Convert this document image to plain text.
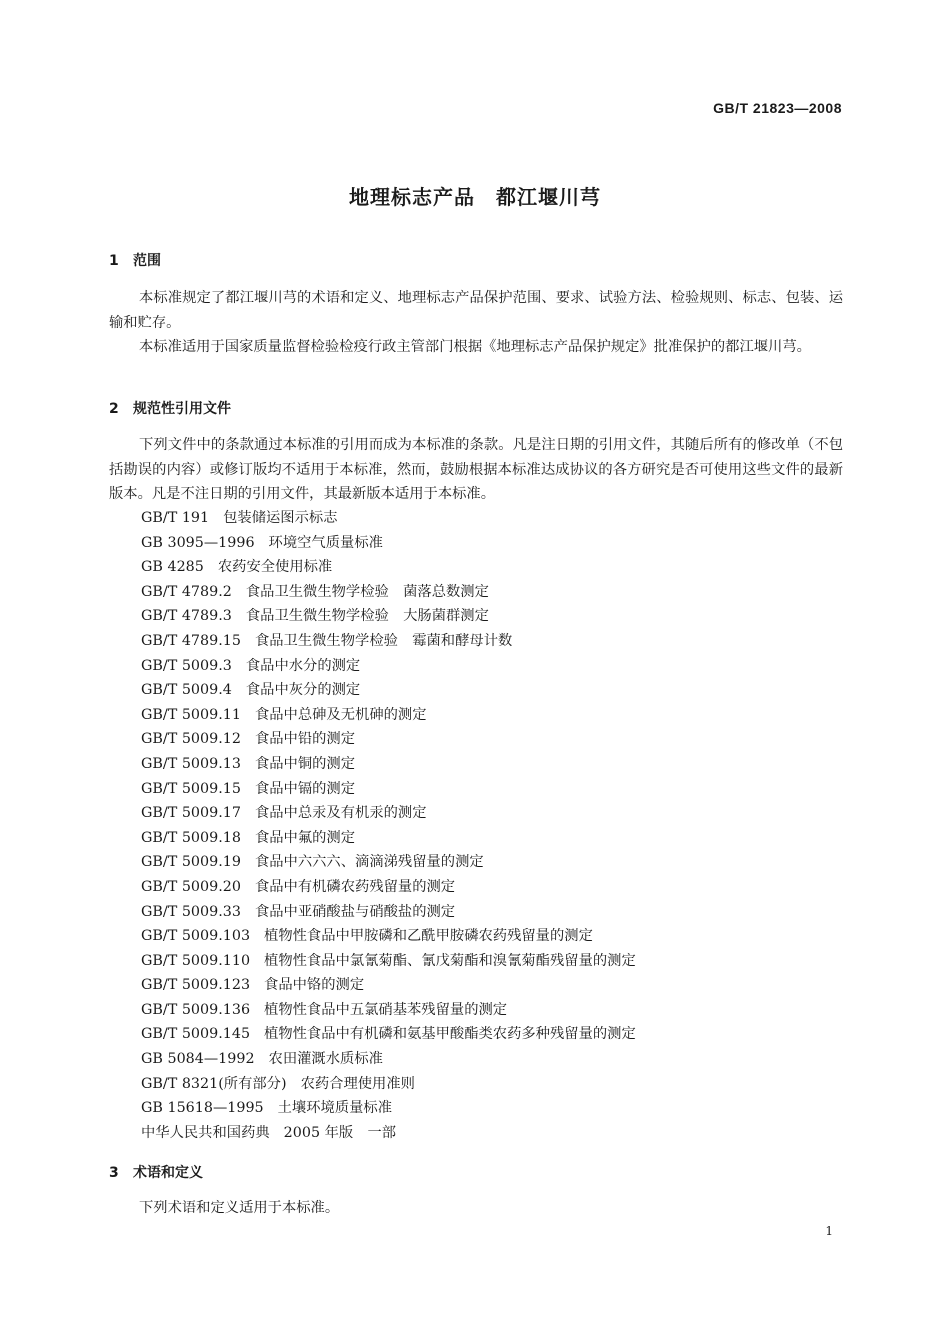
GB/T 21823—2008
地理标志产品　都江堰川芎
1 范围
本标准规定了都江堰川芎的术语和定义、地理标志产品保护范围、要求、试验方法、检验规则、标志、包装、运输和贮存。
本标准适用于国家质量监督检验检疫行政主管部门根据《地理标志产品保护规定》批准保护的都江堰川芎。
2 规范性引用文件
下列文件中的条款通过本标准的引用而成为本标准的条款。凡是注日期的引用文件，其随后所有的修改单（不包括勘误的内容）或修订版均不适用于本标准，然而，鼓励根据本标准达成协议的各方研究是否可使用这些文件的最新版本。凡是不注日期的引用文件，其最新版本适用于本标准。
GB/T 191 包装储运图示标志
GB 3095—1996 环境空气质量标准
GB 4285 农药安全使用标准
GB/T 4789.2 食品卫生微生物学检验　菌落总数测定
GB/T 4789.3 食品卫生微生物学检验　大肠菌群测定
GB/T 4789.15 食品卫生微生物学检验　霉菌和酵母计数
GB/T 5009.3 食品中水分的测定
GB/T 5009.4 食品中灰分的测定
GB/T 5009.11 食品中总砷及无机砷的测定
GB/T 5009.12 食品中铅的测定
GB/T 5009.13 食品中铜的测定
GB/T 5009.15 食品中镉的测定
GB/T 5009.17 食品中总汞及有机汞的测定
GB/T 5009.18 食品中氟的测定
GB/T 5009.19 食品中六六六、滴滴涕残留量的测定
GB/T 5009.20 食品中有机磷农药残留量的测定
GB/T 5009.33 食品中亚硝酸盐与硝酸盐的测定
GB/T 5009.103 植物性食品中甲胺磷和乙酰甲胺磷农药残留量的测定
GB/T 5009.110 植物性食品中氯氰菊酯、氰戊菊酯和溴氰菊酯残留量的测定
GB/T 5009.123 食品中铬的测定
GB/T 5009.136 植物性食品中五氯硝基苯残留量的测定
GB/T 5009.145 植物性食品中有机磷和氨基甲酸酯类农药多种残留量的测定
GB 5084—1992 农田灌溉水质标准
GB/T 8321(所有部分) 农药合理使用准则
GB 15618—1995 土壤环境质量标准
中华人民共和国药典 2005 年版　一部
3 术语和定义
下列术语和定义适用于本标准。
1
